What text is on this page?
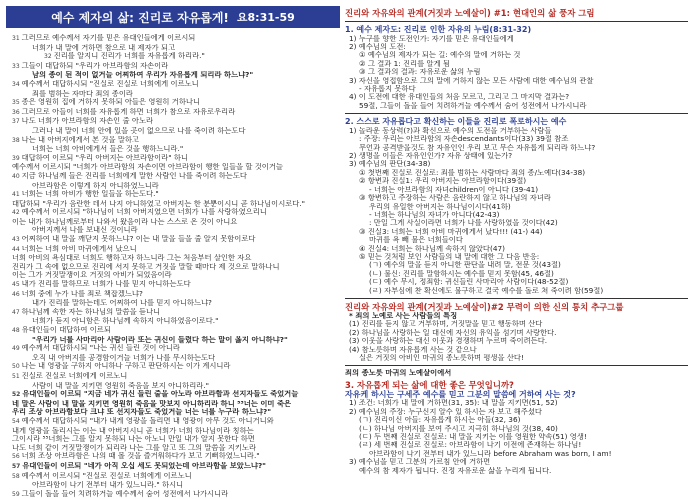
예수 제자의 삶: 진리로 자유롭게! 요8:31-59
31 그러므로 예수께서 자기를 믿은 유대인들에게 이르시되
너희가 내 말에 거하면 참으로 내 제자가 되고
32 진리를 알지니 진리가 너희를 자유롭게 하리라."
33 그들이 대답하되 "우리가 아브라함의 자손이라
남의 종이 된 적이 없거늘 어찌하여 우리가 자유롭게 되리라 하느냐?"
34 예수께서 대답하시되 "진실로 진실로 너희에게 이르노니
죄를 범하는 자마다 죄의 종이라
35 종은 영원히 집에 거하지 못하되 아들은 영원히 거하나니
36 그러므로 아들이 너희를 자유롭게 하면 너희가 참으로 자유로우리라
37 나도 너희가 아브라함의 자손인 줄 아노라
그러나 내 말이 너희 안에 있을 곳이 없으므로 나를 죽이려 하는도다
38 나는 내 아버지에게서 본 것을 말하고
너희는 너희 아비에게서 들은 것을 행하느니라."
39 대답하여 이르되 "우리 아버지는 아브라함이라" 하니
예수께서 이르시되 "너희가 아브라함의 자손이면 아브라함이 행한 일들을 할 것이거늘
40 지금 하나님께 들은 진리를 너희에게 말한 사람인 나를 죽이려 하는도다
아브라함은 이렇게 하지 아니하였느니라
41 너희는 너희 아비가 행한 일들을 하는도다."
대답하되 "우리가 음란한 데서 나지 아니하였고 아버지는 한 분뿐이시니 곧 하나님이시로다."
42 예수께서 이르시되 "하나님이 너희 아버지였으면 너희가 나를 사랑하였으리니
이는 내가 하나님께로부터 나와서 왔음이라 나는 스스로 온 것이 아니요
아버지께서 나를 보내신 것이니라
43 어찌하여 내 말을 깨닫지 못하느냐? 이는 내 말을 들을 줄 알지 못함이로다
44 너희는 너희 아비 마귀에게서 났으니
너희 아비의 욕심대로 너희도 행하고자 하느니라 그는 처음부터 살인한 자요
진리가 그 속에 없으므로 진리에 서지 못하고 거짓을 말할 때마다 제 것으로 말하나니
이는 그가 거짓말쟁이요 거짓의 아비가 되었음이라
45 내가 진리를 말하므로 너희가 나를 믿지 아니하는도다
46 너희 중에 누가 나를 죄로 책잡겠느냐?
내가 진리를 말하는데도 어찌하여 나를 믿지 아니하느냐?
47 하나님께 속한 자는 하나님의 말씀을 듣나니
너희가 듣지 아니함은 하나님께 속하지 아니하였음이로다."
48 유대인들이 대답하여 이르되
"우리가 너를 사마리아 사람이라 또는 귀신이 들렸다 하는 말이 옳지 아니하냐?"
49 예수께서 대답하시되 "나는 귀신 들린 것이 아니라
오직 내 아버지를 공경함이거늘 너희가 나를 무시하는도다
50 나는 내 영광을 구하지 아니하나 구하고 판단하시는 이가 계시니라
51 진실로 진실로 너희에게 이르노니
사람이 내 말을 지키면 영원히 죽음을 보지 아니하리라."
52 유대인들이 이르되 "지금 네가 귀신 들린 줄을 아노라 아브라함과 선지자들도 죽었거늘
네 말은 사람이 내 말을 지키면 영원히 죽음을 맛보지 아니하리라 하니 ⁵³너는 이미 죽은
우리 조상 아브라함보다 크냐 또 선지자들도 죽었거늘 너는 너를 누구라 하느냐?"
54 예수께서 대답하시되 "내가 내게 영광을 돌리면 내 영광이 아무 것도 아니거니와
내게 영광을 돌리시는 이는 내 아버지시니 곧 너희가 너희 하나님이라 칭하는
그이시라 ⁵⁵너희는 그를 알지 못하되 나는 아노니 만일 내가 알지 못한다 하면
나도 너희 같이 거짓말쟁이가 되리라 나는 그를 알고 또 그의 말씀을 지키노라
56 너희 조상 아브라함은 나의 때 볼 것을 즐거워하다가 보고 기뻐하였느니라."
57 유대인들이 이르되 "네가 아직 오십 세도 못되었는데 아브라함을 보았느냐?"
58 예수께서 이르시되 "진실로 진실로 너희에게 이르노니
아브라함이 나기 전부터 내가 있느니라." 하시니
59 그들이 돌을 들어 치려하거늘 예수께서 숨어 성전에서 나가시니라
진리와 자유와의 관계(거짓과 노예살이) #1: 현대인의 삶 풍자 그림
1. 예수 제자도: 진리로 인한 자유의 누림(8:31-32)
1) 누구를 향한 도전인가: 자기를 믿은 유대인들에게
2) 예수님의 도전:
① 예수님의 제자가 되는 길: 예수의 말에 거하는 것
② 그 결과 1: 진리를 알게 됨
③ 그 결과의 결과: 자유로운 삶의 누림
3) 자신을 영접함으로 그의 말에 거하지 않는 모든 사람에 대한 예수님의 관찰
- 자유롭지 못하다
4) 이 도전에 대한 유대인들의 처음 모르고, 그리고 그 마지막 결과는?
59절, 그들이 돌을 들어 치려하거늘 예수께서 숨어 성전에서 나가시니라
2. 스스로 자유롭다고 확신하는 이들을 진리로 폭로하시는 예수
1) 놀라운 동상력(?)과 확신으로 예수의 도전을 거부하는 사람들
: 주장: 우리는 아브라함의 자손descendants이다(33) 39절 참조
무언과 공격받을것도 참 자유인인 우리 보고 무슨 자유롭게 되리라 하느냐?
2) 생명을 이들은 자유인인가? 자유 상태에 있는가?
3) 예수님의 판단(34-38)
① 첫번째 진실로 진실로: 죄를 범하는 사람마다 죄의 종/노예다(34-38)
② 항변과 진실1: 우리 아버지는 아브라함이다(39절)
- 너희는 아브라함의 자녀children이 아니다 (39-41)
③ 항변하고 주장하는 사람은 음란하지 않고 하나님의 자녀라
우리의 유일한 아버지는 하나님이시다(41하)
- 너희는 하나님의 자녀가 아니다(42-43)
: 만일 그게 사실이라면 너희가 나를 사랑하였을 것이다(42)
③ 진실3: 너희는 너희 아비 마귀에게서 났다!!! (41-) 44)
마귀를 욕 빼 불은 너희들이다
④ 진실4: 너희는 하나님께 속하지 않았다(47)
⑤ 믿는 것처럼 보인 사람들의 내 말에 대한 그 다음 반응:
(ㄱ) 예수의 말을 듣지 아니한 판단을 내려 말, 전문 것(43절)
(ㄴ) 불신: 진리를 말함하시는 예수를 믿지 못함(45, 46절)
(ㄷ) 예수 무시, 정죄함: 귀신들린 사마리아 사람이다(48-52절)
(ㄹ) 자부심에 찬 확신에도 불구하고 결국 예수를 돌로 쳐 죽이려 함(59절)
진리와 자유와의 관계(거짓과 노예살이)#2 무력이 의한 신의 통치 추구그룹
* 죄의 노예로 사는 사람들의 특징
(1) 진리를 듣지 않고 거부하며, 거짓말을 믿고 행동하며 산다
(2) 하나님을 사랑하는 일 대신에 자신의 유익을 섬기며 사랑한다.
(3) 이웃을 사랑하는 대신 이웃과 경쟁하며 누르며 죽이려든다.
(4) 참노릇하며 자유롭게 사는 것 같으나
실은 거짓의 아비인 마귀의 종노릇하며 평생을 산다!
죄의 종노릇 마귀의 노예살이에서
3. 자유롭게 되는 삶에 대한 좋은 무엇입니까?
자유케 하시는 구세주 예수를 믿고 그분의 말씀에 거하여 사는 것?
1) 조건: 너희가 내 말에 거하면(31, 35): 내 말을 지키면(51, 52)
2) 예수님의 주장: 누구신지 알수 있 하시는 자 보고 해주셨다
(ㄱ) 진리이신 아들: 자유롭게 하시는 아들(32, 36)
(ㄴ) 하나님 아버지를 보여 주시고 지극히 하나님의 것(38, 40)
(ㄷ) 두 번째 진실로 진실로: 내 말을 지키는 이를 영원한 약속(51) 영생!
(ㄹ) 세 번째 진실로 진실로: 아브라함이 나기 이전에 존재하는 하나님!
아브라함이 나기 전부터 내가 있느니라 before Abraham was born, I am!
3) 예수님을 믿고 그분의 가르침 안에 거하면
예수의 참 제자가 됩니다. 진정 자유로운 삶을 누리게 됩니다.
